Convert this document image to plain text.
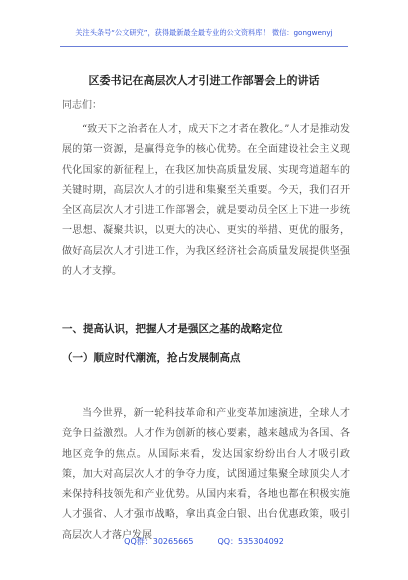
关注头条号“公文研究”，获得最新最全最专业的公文资料库！ 微信：gongwenyj
区委书记在高层次人才引进工作部署会上的讲话
同志们：

“致天下之治者在人才，成天下之才者在教化。”人才是推动发展的第一资源，是赢得竞争的核心优势。在全面建设社会主义现代化国家的新征程上，在我区加快高质量发展、实现弯道超车的关键时期，高层次人才的引进和集聚至关重要。今天，我们召开全区高层次人才引进工作部署会，就是要动员全区上下进一步统一思想、凝聚共识，以更大的决心、更实的举措、更优的服务，做好高层次人才引进工作，为我区经济社会高质量发展提供坚强的人才支撑。

一、提高认识，把握人才是强区之基的战略定位
（一）顺应时代潮流，抢占发展制高点

当今世界，新一轮科技革命和产业变革加速演进，全球人才竞争日益激烈。人才作为创新的核心要素，越来越成为各国、各地区竞争的焦点。从国际来看，发达国家纷纷出台人才吸引政策，加大对高层次人才的争夺力度，试图通过集聚全球顶尖人才来保持科技领先和产业优势。从国内来看，各地也都在积极实施人才强省、人才强市战略，拿出真金白银、出台优惠政策，吸引高层次人才落户发展

QQ群：30265665	QQ：535304092
